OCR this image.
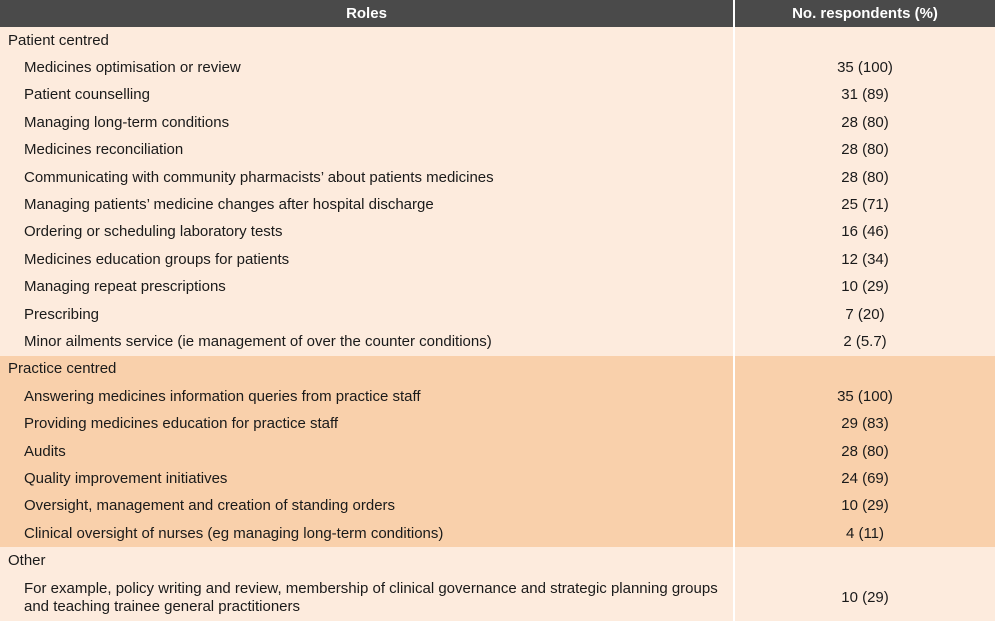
Roles	No. respondents (%)
Patient centred	
Medicines optimisation or review	35 (100)
Patient counselling	31 (89)
Managing long-term conditions	28 (80)
Medicines reconciliation	28 (80)
Communicating with community pharmacists’ about patients medicines	28 (80)
Managing patients’ medicine changes after hospital discharge	25 (71)
Ordering or scheduling laboratory tests	16 (46)
Medicines education groups for patients	12 (34)
Managing repeat prescriptions	10 (29)
Prescribing	7 (20)
Minor ailments service (ie management of over the counter conditions)	2 (5.7)
Practice centred	
Answering medicines information queries from practice staff	35 (100)
Providing medicines education for practice staff	29 (83)
Audits	28 (80)
Quality improvement initiatives	24 (69)
Oversight, management and creation of standing orders	10 (29)
Clinical oversight of nurses (eg managing long-term conditions)	4 (11)
Other	
For example, policy writing and review, membership of clinical governance and strategic planning groups and teaching trainee general practitioners	10 (29)
